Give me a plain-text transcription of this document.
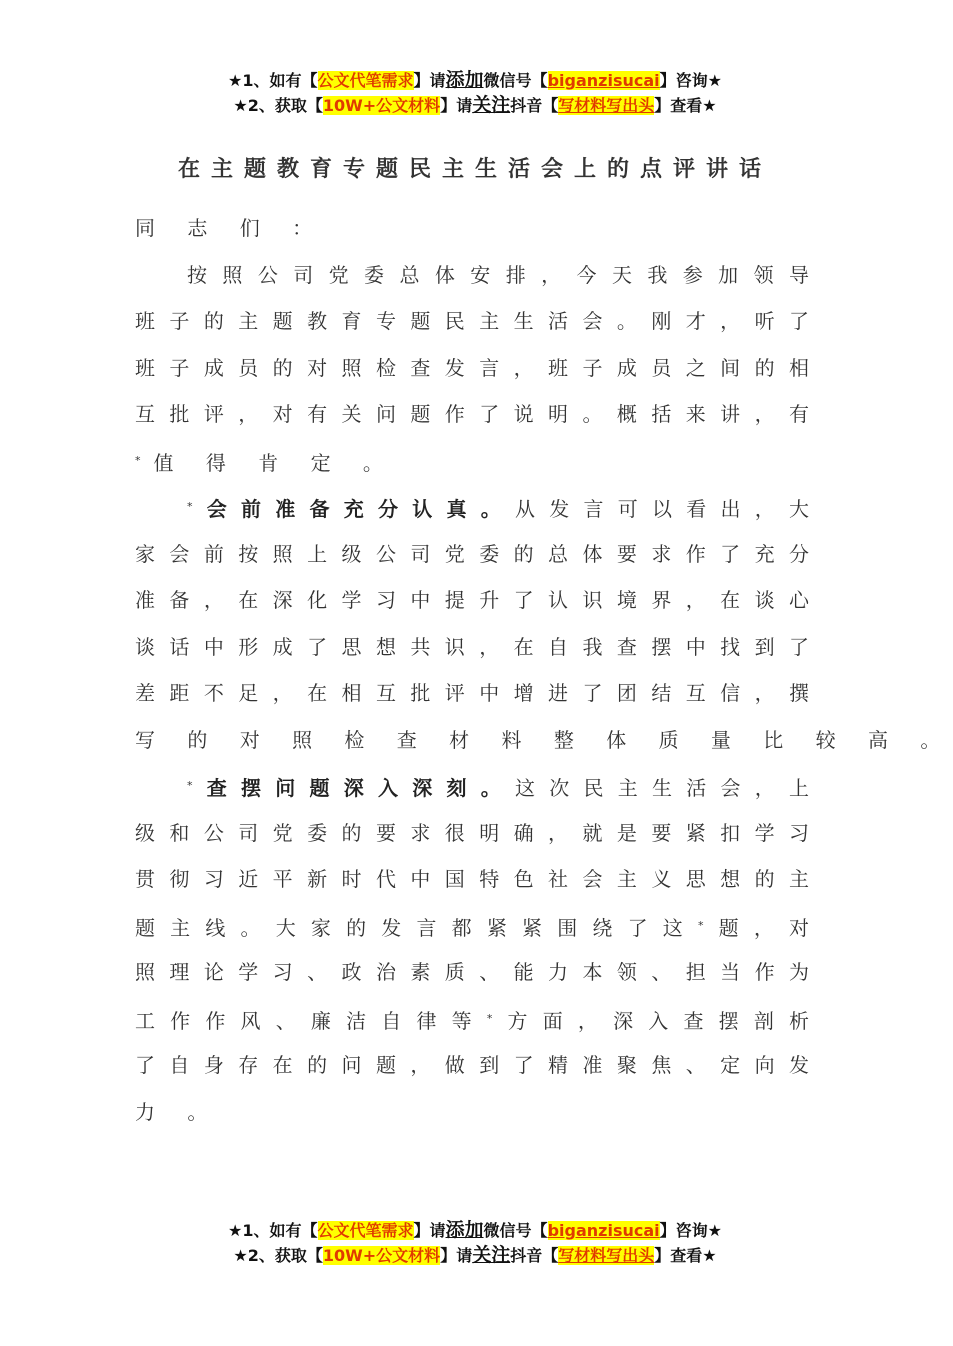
★1、如有【公文代笔需求】请添加微信号【biganzisucai】咨询★
★2、获取【10W+公文材料】请关注抖音【写材料写出头】查看★
在主题教育专题民主生活会上的点评讲话
同 志 们 ：
按照公司党委总体安排，今天我参加领导
班子的主题教育专题民主生活会。刚才，听了
班子成员的对照检查发言，班子成员之间的相
互批评，对有关问题作了说明。概括来讲，有
*值 得 肯 定 。
*会前准备充分认真。从发言可以看出，大
家会前按照上级公司党委的总体要求作了充分
准备，在深化学习中提升了认识境界，在谈心
谈话中形成了思想共识，在自我查摆中找到了
差距不足，在相互批评中增进了团结互信，撰
写 的 对 照 检 查 材 料 整 体 质 量 比 较 高 。
*查摆问题深入深刻。这次民主生活会，上
级和公司党委的要求很明确，就是要紧扣学习
贯彻习近平新时代中国特色社会主义思想的主
题主线。大家的发言都紧紧围绕了这*题，对
照理论学习、政治素质、能力本领、担当作为
工作作风、廉洁自律等*方面，深入查摆剖析
了自身存在的问题，做到了精准聚焦、定向发
力 。
★1、如有【公文代笔需求】请添加微信号【biganzisucai】咨询★
★2、获取【10W+公文材料】请关注抖音【写材料写出头】查看★
